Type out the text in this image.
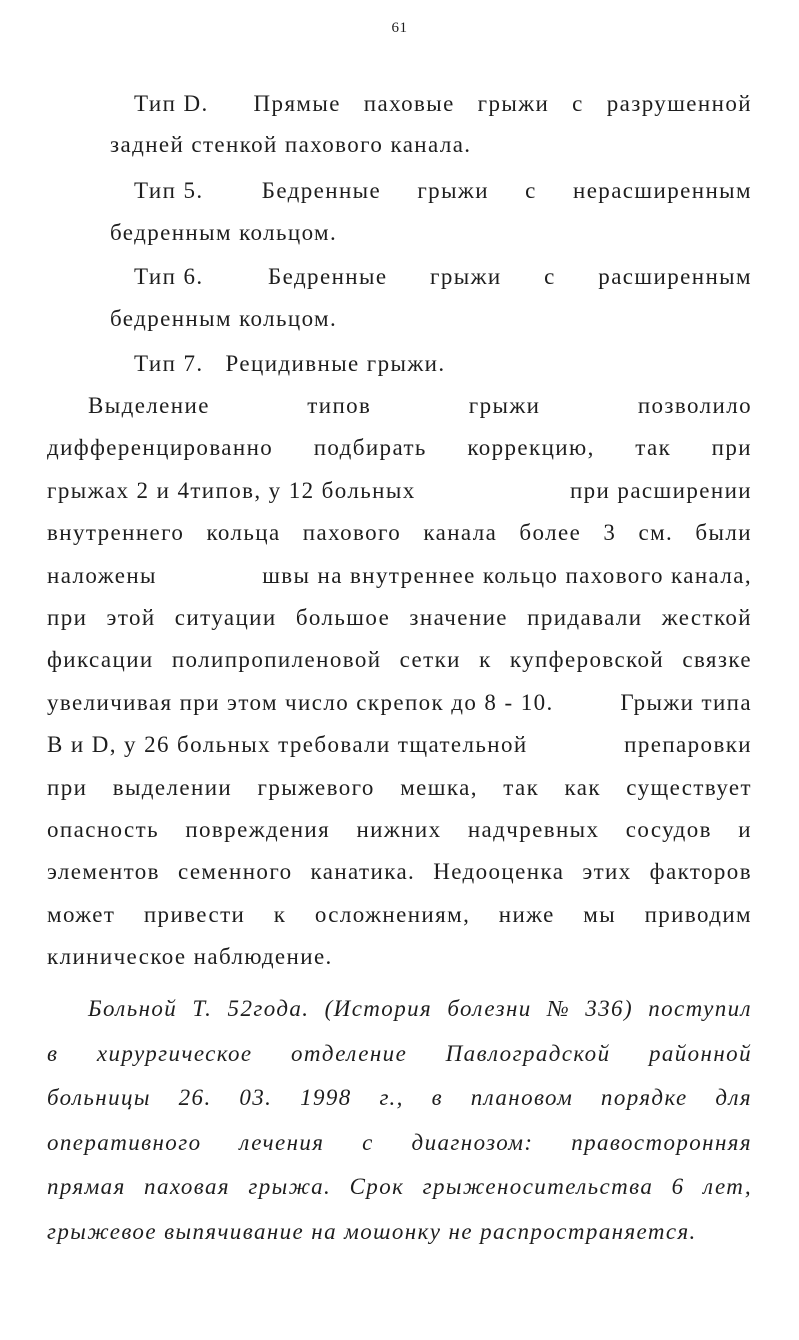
61
Тип D. Прямые паховые грыжи с разрушенной
задней стенкой пахового канала.
Тип 5.	Бедренные грыжи с нерасширенным
бедренным кольцом.
Тип 6.	Бедренные грыжи с расширенным
бедренным кольцом.
Тип 7. Рецидивные грыжи.
Выделение	типов	грыжи	позволило
дифференцированно подбирать коррекцию, так при
грыжах 2 и 4типов, у 12 больных	при расширении
внутреннего кольца пахового канала более 3 см. были
наложены	швы на внутреннее кольцо пахового канала,
при этой ситуации большое значение придавали жесткой
фиксации полипропиленовой сетки к купферовской связке
увеличивая при этом число скрепок до 8 - 10.	Грыжи типа
В и D, у 26 больных требовали тщательной	препаровки
при выделении грыжевого мешка, так как существует
опасность повреждения нижних надчревных сосудов и
элементов семенного канатика. Недооценка этих факторов
может привести к осложнениям, ниже мы приводим
клиническое наблюдение.
Больной Т. 52года. (История болезни № 336) поступил
в хирургическое отделение Павлоградской районной
больницы 26. 03. 1998 г., в плановом порядке для
оперативного лечения с диагнозом: правосторонняя
прямая паховая грыжа. Срок грыженосительства 6 лет,
грыжевое выпячивание на мошонку не распространяется.
